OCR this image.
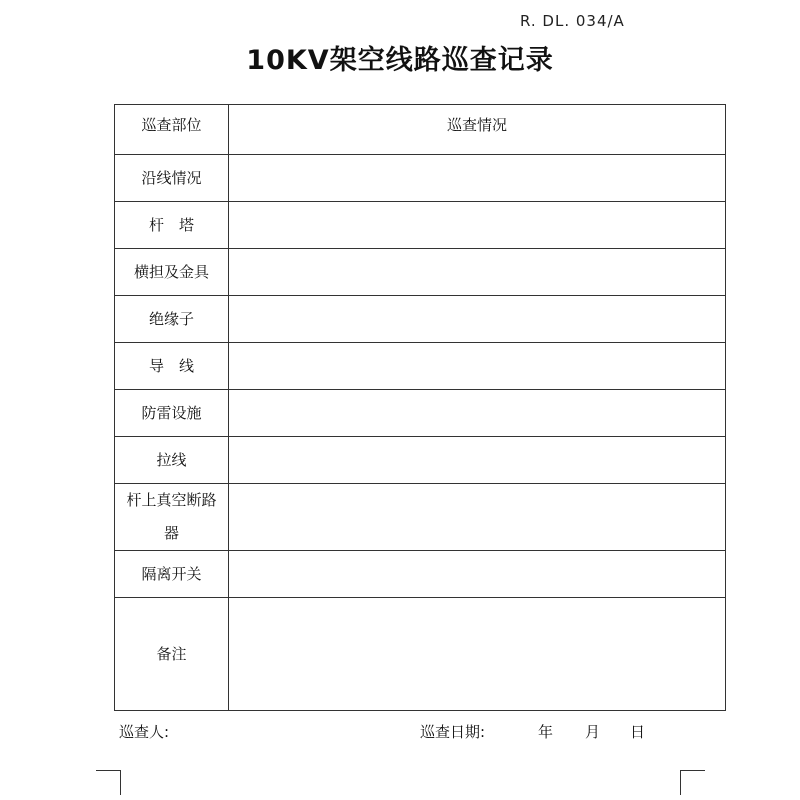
R. DL. 034/A
10KV架空线路巡查记录
巡查部位	巡查情况
沿线情况	
杆　塔	
横担及金具	
绝缘子	
导　线	
防雷设施	
拉线	
杆上真空断路器	
隔离开关	
备注	
巡查人:	巡查日期:	年 月 日
